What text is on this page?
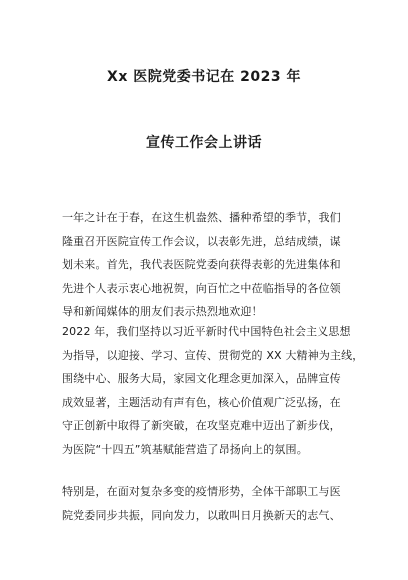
Xx 医院党委书记在 2023 年
宣传工作会上讲话
一年之计在于春，在这生机盎然、播种希望的季节，我们
隆重召开医院宣传工作会议，以表彰先进，总结成绩，谋
划未来。首先，我代表医院党委向获得表彰的先进集体和
先进个人表示衷心地祝贺，向百忙之中莅临指导的各位领
导和新闻媒体的朋友们表示热烈地欢迎！
2022 年，我们坚持以习近平新时代中国特色社会主义思想
为指导，以迎接、学习、宣传、贯彻党的 XX 大精神为主线，
围绕中心、服务大局，家园文化理念更加深入，品牌宣传
成效显著，主题活动有声有色，核心价值观广泛弘扬，在
守正创新中取得了新突破，在攻坚克难中迈出了新步伐，
为医院“十四五”筑基赋能营造了昂扬向上的氛围。
特别是，在面对复杂多变的疫情形势，全体干部职工与医
院党委同步共振，同向发力，以敢叫日月换新天的志气、
